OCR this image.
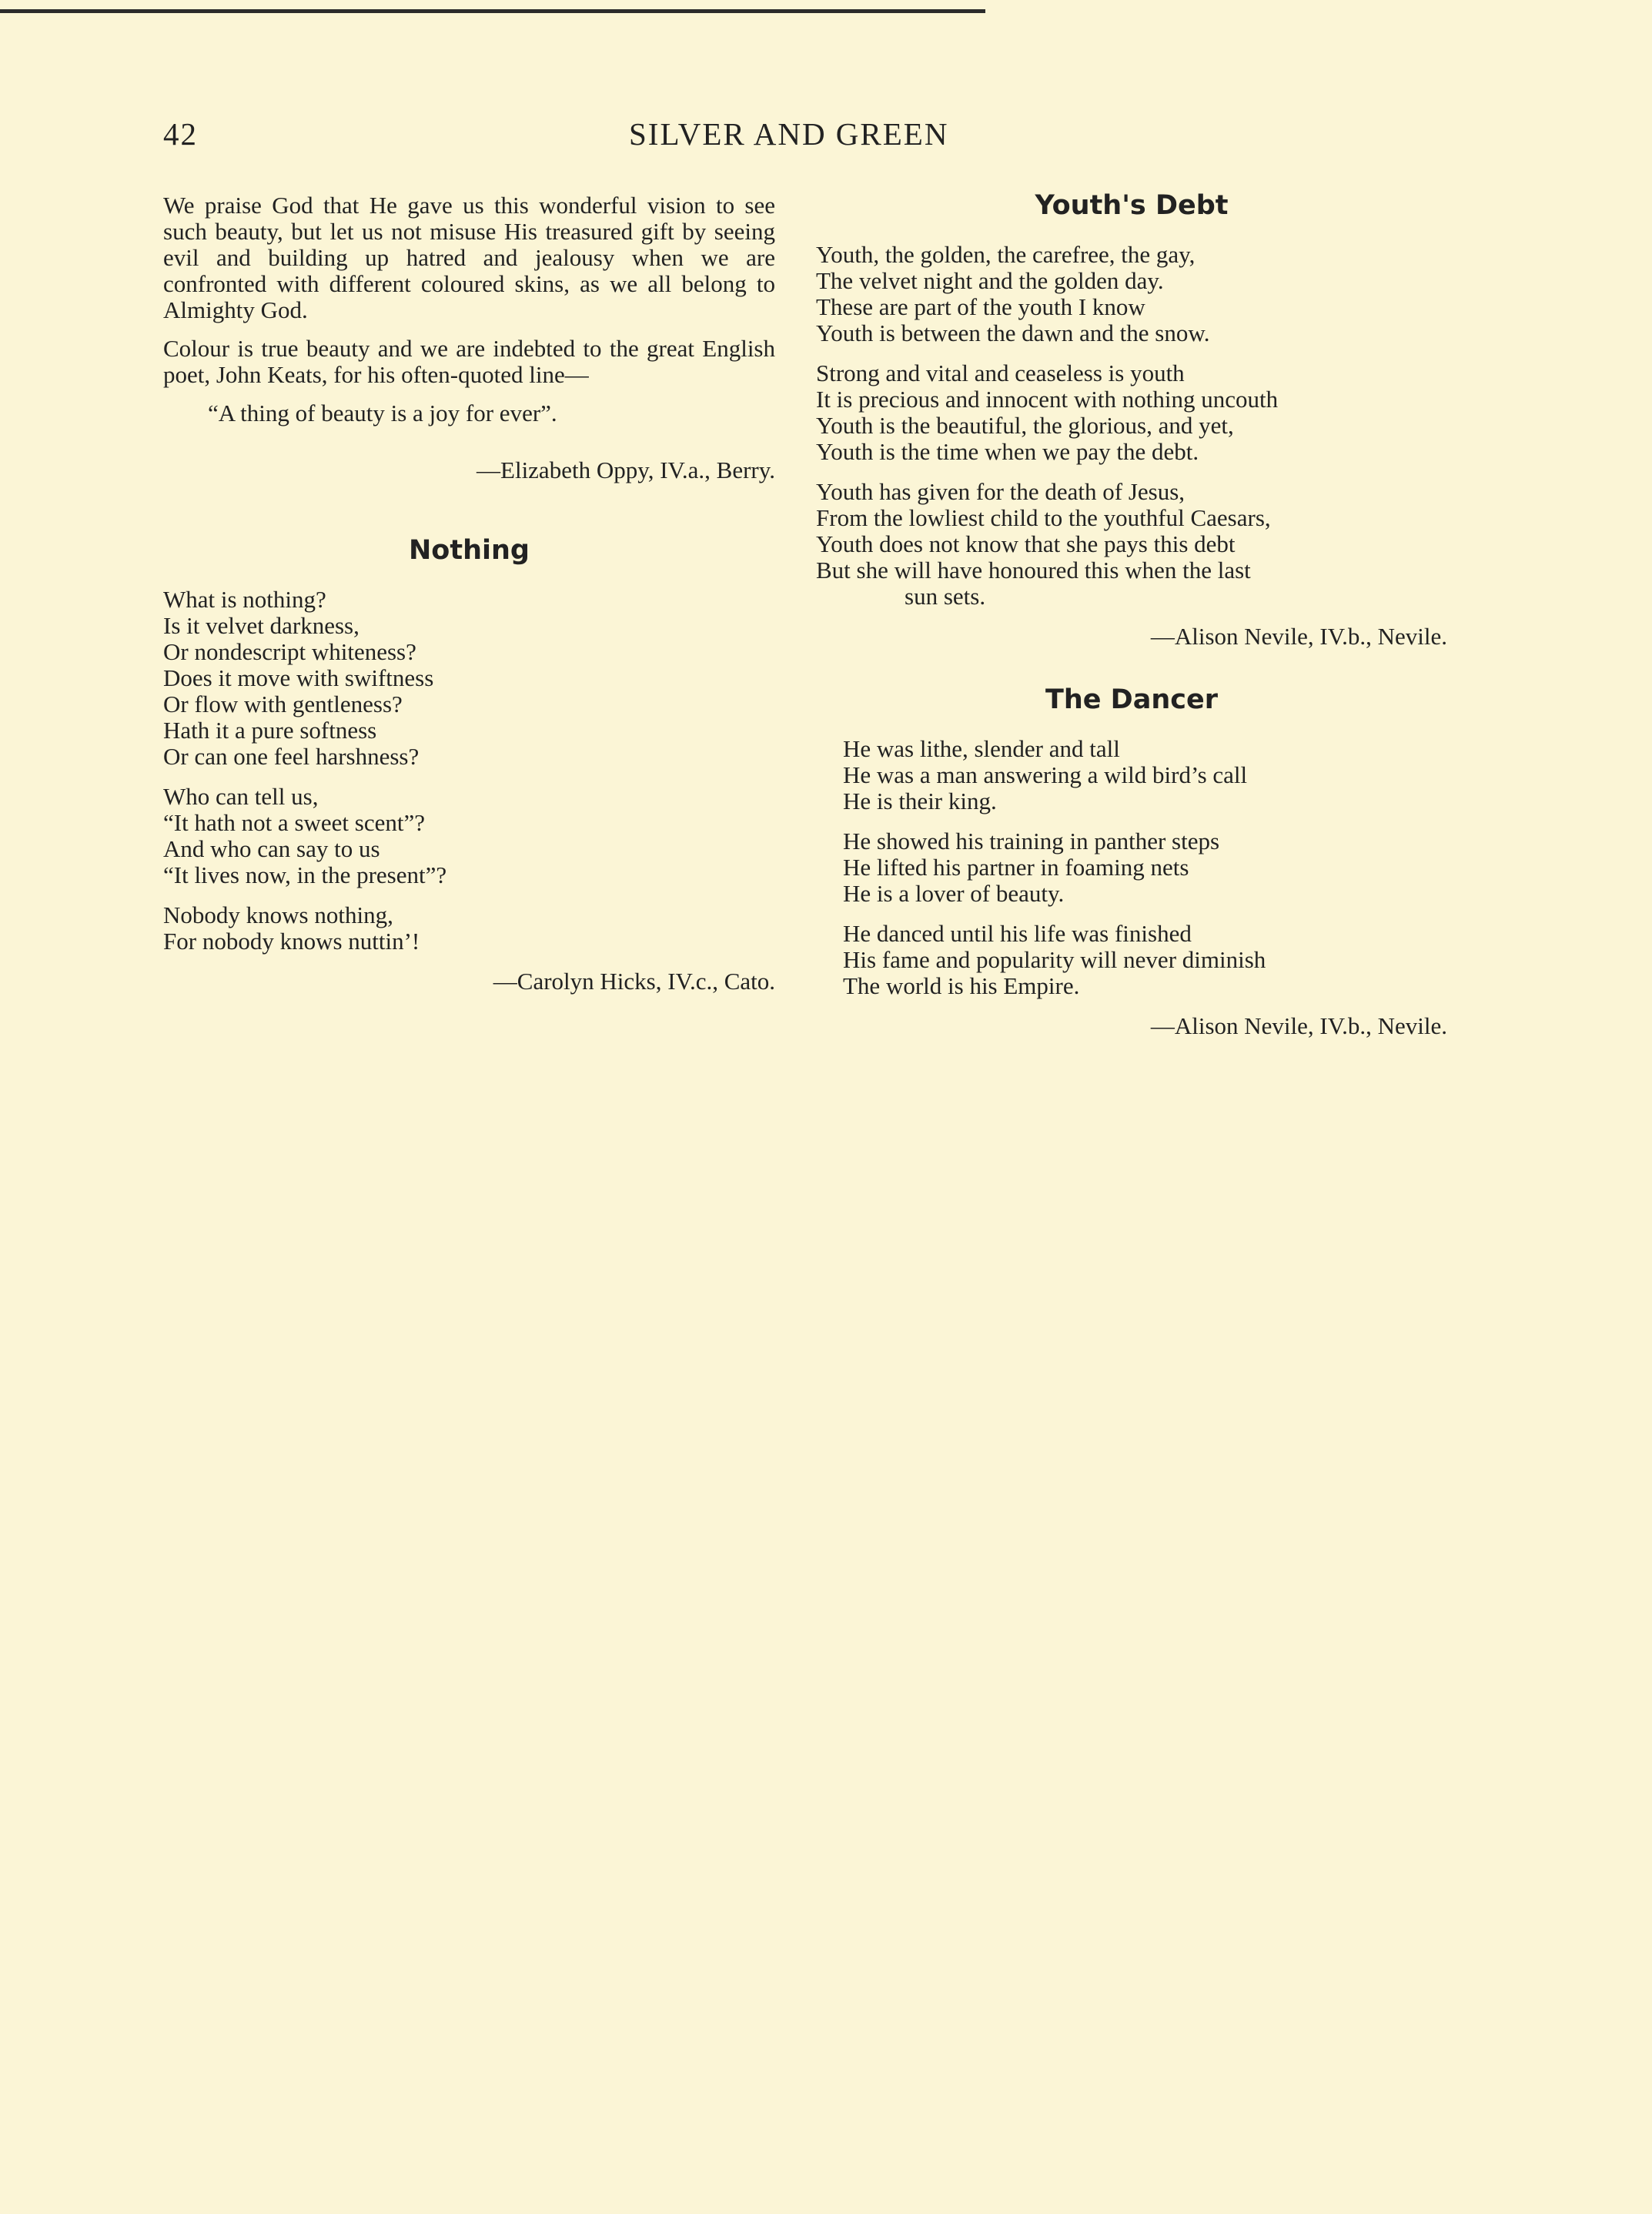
42	SILVER AND GREEN

We praise God that He gave us this wonderful vision to see such beauty, but let us not misuse His treasured gift by seeing evil and building up hatred and jealousy when we are confronted with different coloured skins, as we all belong to Almighty God.

Colour is true beauty and we are indebted to the great English poet, John Keats, for his often-quoted line—

“A thing of beauty is a joy for ever”.

—Elizabeth Oppy, IV.a., Berry.

Nothing
What is nothing?
Is it velvet darkness,
Or nondescript whiteness?
Does it move with swiftness
Or flow with gentleness?
Hath it a pure softness
Or can one feel harshness?
Who can tell us,
“It hath not a sweet scent”?
And who can say to us
“It lives now, in the present”?
Nobody knows nothing,
For nobody knows nuttin’!

—Carolyn Hicks, IV.c., Cato.

Youth's Debt
Youth, the golden, the carefree, the gay,
The velvet night and the golden day.
These are part of the youth I know
Youth is between the dawn and the snow.
Strong and vital and ceaseless is youth
It is precious and innocent with nothing uncouth
Youth is the beautiful, the glorious, and yet,
Youth is the time when we pay the debt.
Youth has given for the death of Jesus,
From the lowliest child to the youthful Caesars,
Youth does not know that she pays this debt
But she will have honoured this when the last
sun sets.

—Alison Nevile, IV.b., Nevile.

The Dancer
He was lithe, slender and tall
He was a man answering a wild bird’s call
He is their king.
He showed his training in panther steps
He lifted his partner in foaming nets
He is a lover of beauty.
He danced until his life was finished
His fame and popularity will never diminish
The world is his Empire.

—Alison Nevile, IV.b., Nevile.
